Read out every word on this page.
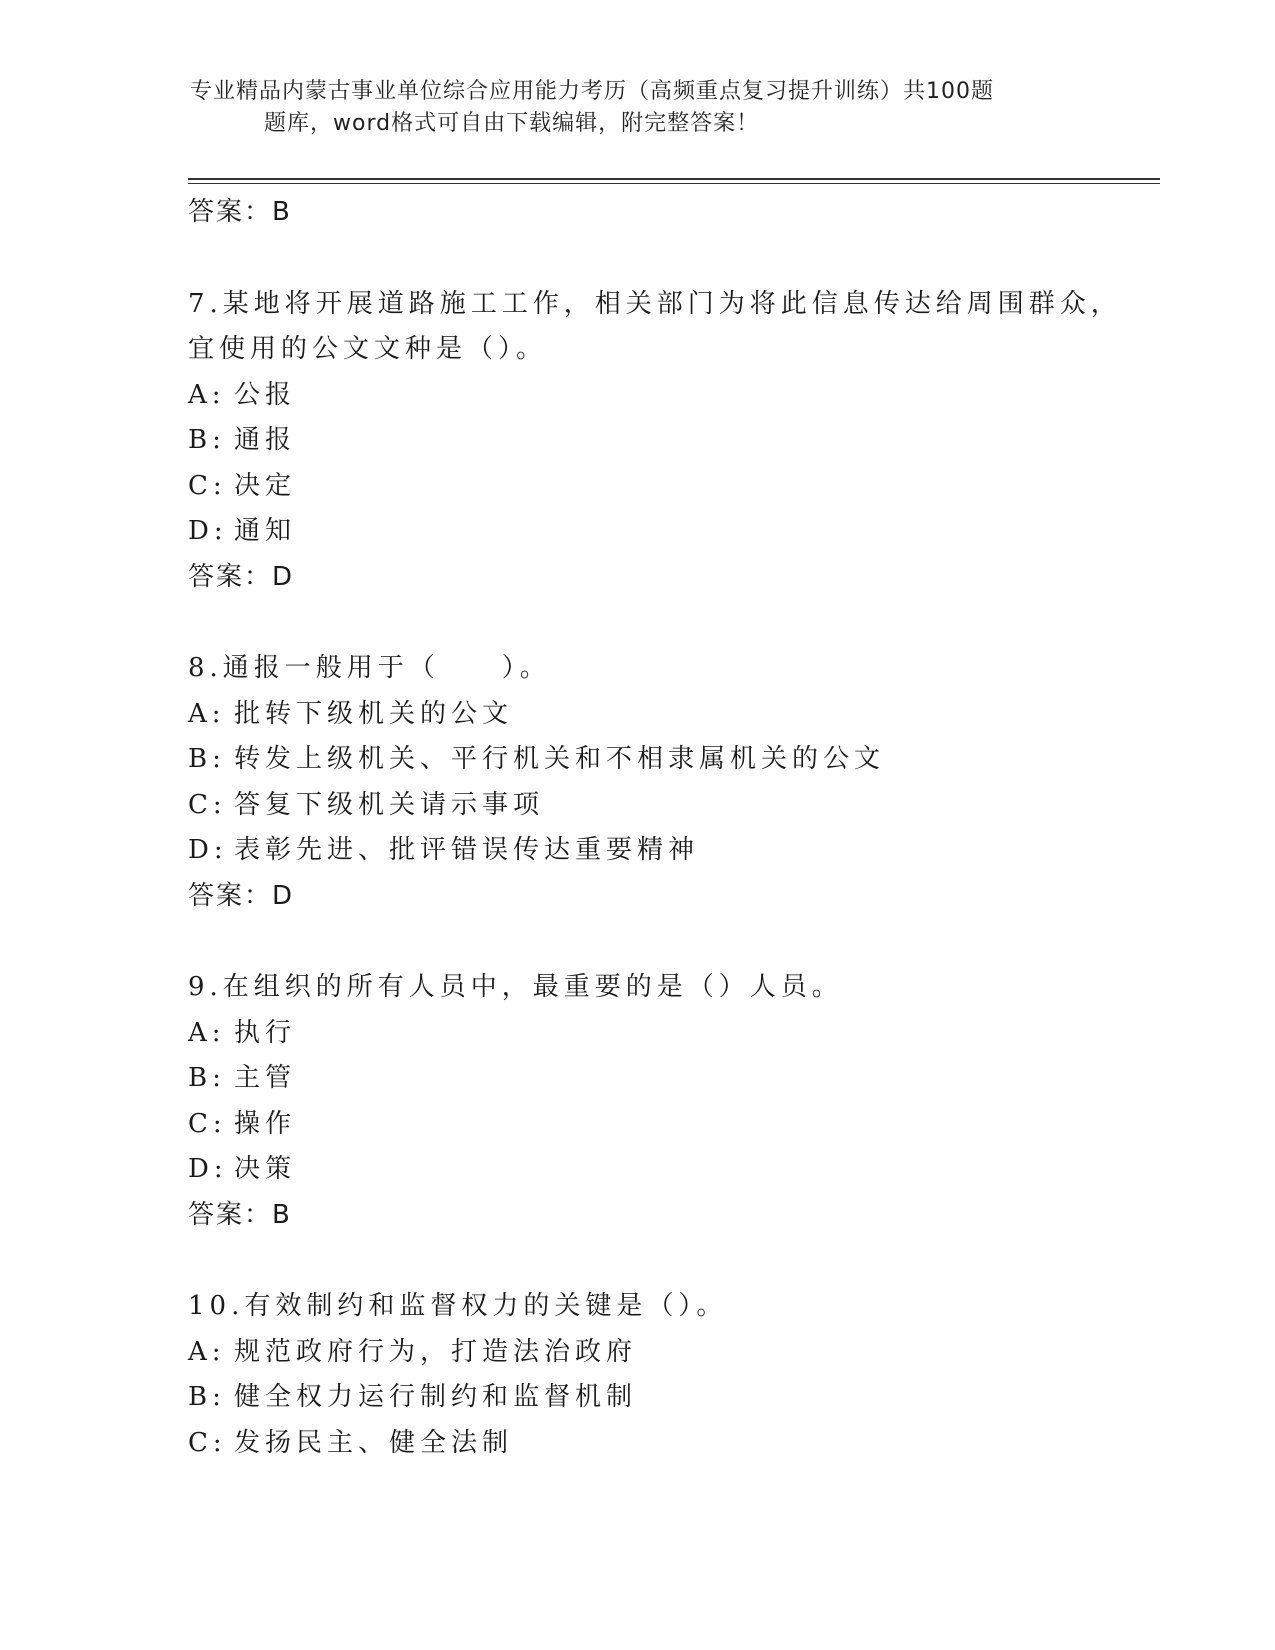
专业精品内蒙古事业单位综合应用能力考历（高频重点复习提升训练）共100题
题库，word格式可自由下载编辑，附完整答案！
答案：B
7.某地将开展道路施工工作，相关部门为将此信息传达给周围群众，
宜使用的公文文种是（）。
A: 公报
B: 通报
C: 决定
D: 通知
答案：D
8.通报一般用于（　　）。
A: 批转下级机关的公文
B: 转发上级机关、平行机关和不相隶属机关的公文
C: 答复下级机关请示事项
D: 表彰先进、批评错误传达重要精神
答案：D
9.在组织的所有人员中，最重要的是（）人员。
A: 执行
B: 主管
C: 操作
D: 决策
答案：B
10.有效制约和监督权力的关键是（）。
A: 规范政府行为，打造法治政府
B: 健全权力运行制约和监督机制
C: 发扬民主、健全法制
